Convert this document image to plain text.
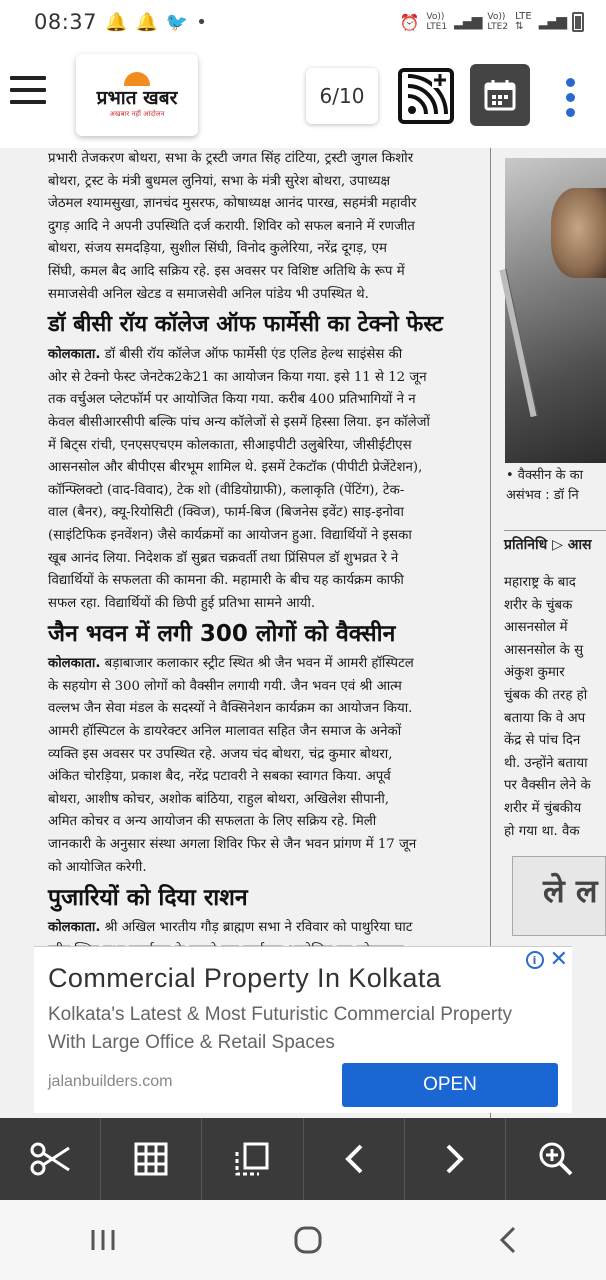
08:37 🔔 🔔 🐦 •	⏰ Vo))
LTE1 ▂▄▆ Vo))
LTE2
LTE
⇅	▂▄▆
प्रभात खबर
अखबार नहीं आंदोलन
6/10

प्रभारी तेजकरण बोथरा, सभा के ट्रस्टी जगत सिंह टांटिया, ट्रस्टी जुगल किशोर

बोथरा, ट्रस्ट के मंत्री बुधमल लुनियां, सभा के मंत्री सुरेश बोथरा, उपाध्यक्ष

जेठमल श्यामसुखा, ज्ञानचंद मुसरफ, कोषाध्यक्ष आनंद पारख, सहमंत्री महावीर

दुगड़ आदि ने अपनी उपस्थिति दर्ज करायी. शिविर को सफल बनाने में रणजीत

बोथरा, संजय समदड़िया, सुशील सिंघी, विनोद कुलेरिया, नरेंद्र दूगड़, एम

सिंघी, कमल बैद आदि सक्रिय रहे. इस अवसर पर विशिष्ट अतिथि के रूप में

समाजसेवी अनिल खेटड व समाजसेवी अनिल पांडेय भी उपस्थित थे.

डॉ बीसी रॉय कॉलेज ऑफ फार्मेसी का टेक्नो फेस्ट

कोलकाता. डॉ बीसी रॉय कॉलेज ऑफ फार्मेसी एंड एलिड हेल्थ साइंसेस की

ओर से टेक्नो फेस्ट जेनटेक2के21 का आयोजन किया गया. इसे 11 से 12 जून

तक वर्चुअल प्लेटफॉर्म पर आयोजित किया गया. करीब 400 प्रतिभागियों ने न

केवल बीसीआरसीपी बल्कि पांच अन्य कॉलेजों से इसमें हिस्सा लिया. इन कॉलेजों

में बिट्स रांची, एनएसएचएम कोलकाता, सीआइपीटी उलुबेरिया, जीसीईटीएस

आसनसोल और बीपीएस बीरभूम शामिल थे. इसमें टेकटॉक (पीपीटी प्रेजेंटेशन),

कॉन्फ्लिक्टो (वाद-विवाद), टेक शो (वीडियोग्राफी), कलाकृति (पेंटिंग), टेक-

वाल (बैनर), क्यू-रियोसिटी (क्विज), फार्म-बिज (बिजनेस इवेंट) साइ-इनोवा

(साइंटिफिक इनवेंशन) जैसे कार्यक्रमों का आयोजन हुआ. विद्यार्थियों ने इसका

खूब आनंद लिया. निदेशक डॉ सुब्रत चक्रवर्ती तथा प्रिंसिपल डॉ शुभव्रत रे ने

विद्यार्थियों के सफलता की कामना की. महामारी के बीच यह कार्यक्रम काफी

सफल रहा. विद्यार्थियों की छिपी हुई प्रतिभा सामने आयी.

जैन भवन में लगी 300 लोगों को वैक्सीन

कोलकाता. बड़ाबाजार कलाकार स्ट्रीट स्थित श्री जैन भवन में आमरी हॉस्पिटल

के सहयोग से 300 लोगों को वैक्सीन लगायी गयी. जैन भवन एवं श्री आत्म

वल्लभ जैन सेवा मंडल के सदस्यों ने वैक्सिनेशन कार्यक्रम का आयोजन किया.

आमरी हॉस्पिटल के डायरेक्टर अनिल मालावत सहित जैन समाज के अनेकों

व्यक्ति इस अवसर पर उपस्थित रहे. अजय चंद बोथरा, चंद्र कुमार बोथरा,

अंकित चोरड़िया, प्रकाश बैद, नरेंद्र पटावरी ने सबका स्वागत किया. अपूर्व

बोथरा, आशीष कोचर, अशोक बांठिया, राहुल बोथरा, अखिलेश सीपानी,

अमित कोचर व अन्य आयोजन की सफलता के लिए सक्रिय रहे. मिली

जानकारी के अनुसार संस्था अगला शिविर फिर से जैन भवन प्रांगण में 17 जून

को आयोजित करेगी.

पुजारियों को दिया राशन

कोलकाता. श्री अखिल भारतीय गौड़ ब्राह्मण सभा ने रविवार को पाथुरिया घाट

• वैक्सीन के का
असंभव : डॉ नि
प्रतिनिधि ▷ आस
महाराष्ट्र के बाद
शरीर के चुंबक
आसनसोल में
आसनसोल के सु
अंकुश कुमार
चुंबक की तरह हो
बताया कि वे अप
केंद्र से पांच दिन
थी. उन्होंने बताया
पर वैक्सीन लेने के
शरीर में चुंबकीय
हो गया था. वैक
ले ल
i ✕
Commercial Property In Kolkata
Kolkata's Latest & Most Futuristic Commercial Property With Large Office & Retail Spaces
jalanbuilders.com	OPEN
